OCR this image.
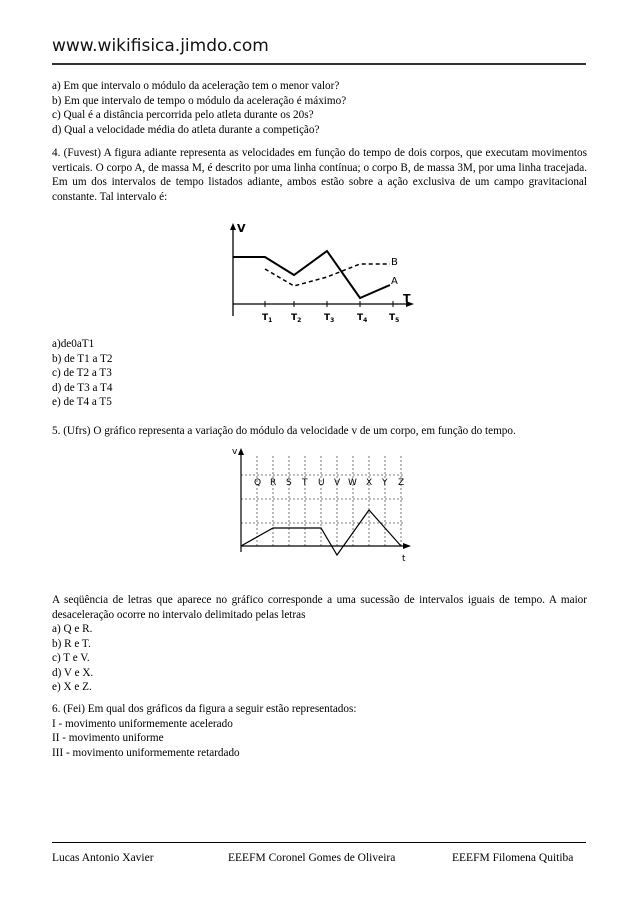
www.wikifisica.jimdo.com
a) Em que intervalo o módulo da aceleração tem o menor valor?
b) Em que intervalo de tempo o módulo da aceleração é máximo?
c) Qual é a distância percorrida pelo atleta durante os 20s?
d) Qual a velocidade média do atleta durante a competição?
4. (Fuvest) A figura adiante representa as velocidades em função do tempo de dois corpos, que executam movimentos verticais. O corpo A, de massa M, é descrito por uma linha contínua; o corpo B, de massa 3M, por uma linha tracejada. Em um dos intervalos de tempo listados adiante, ambos estão sobre a ação exclusiva de um campo gravitacional constante. Tal intervalo é:
V
T
B
A
$T_1$ $T_2$	$T_3$	$T_4$ $T_5$
a)de0aT1
b) de T1 a T2
c) de T2 a T3
d) de T3 a T4
e) de T4 a T5
5. (Ufrs) O gráfico representa a variação do módulo da velocidade v de um corpo, em função do tempo.
v
t
Q R S T U V W X Y Z
A seqüência de letras que aparece no gráfico corresponde a uma sucessão de intervalos iguais de tempo. A maior desaceleração ocorre no intervalo delimitado pelas letras
a) Q e R.
b) R e T.
c) T e V.
d) V e X.
e) X e Z.
6. (Fei) Em qual dos gráficos da figura a seguir estão representados:
I - movimento uniformemente acelerado
II - movimento uniforme
III - movimento uniformemente retardado
Lucas Antonio Xavier	EEEFM Coronel Gomes de Oliveira	EEEFM Filomena Quitiba
